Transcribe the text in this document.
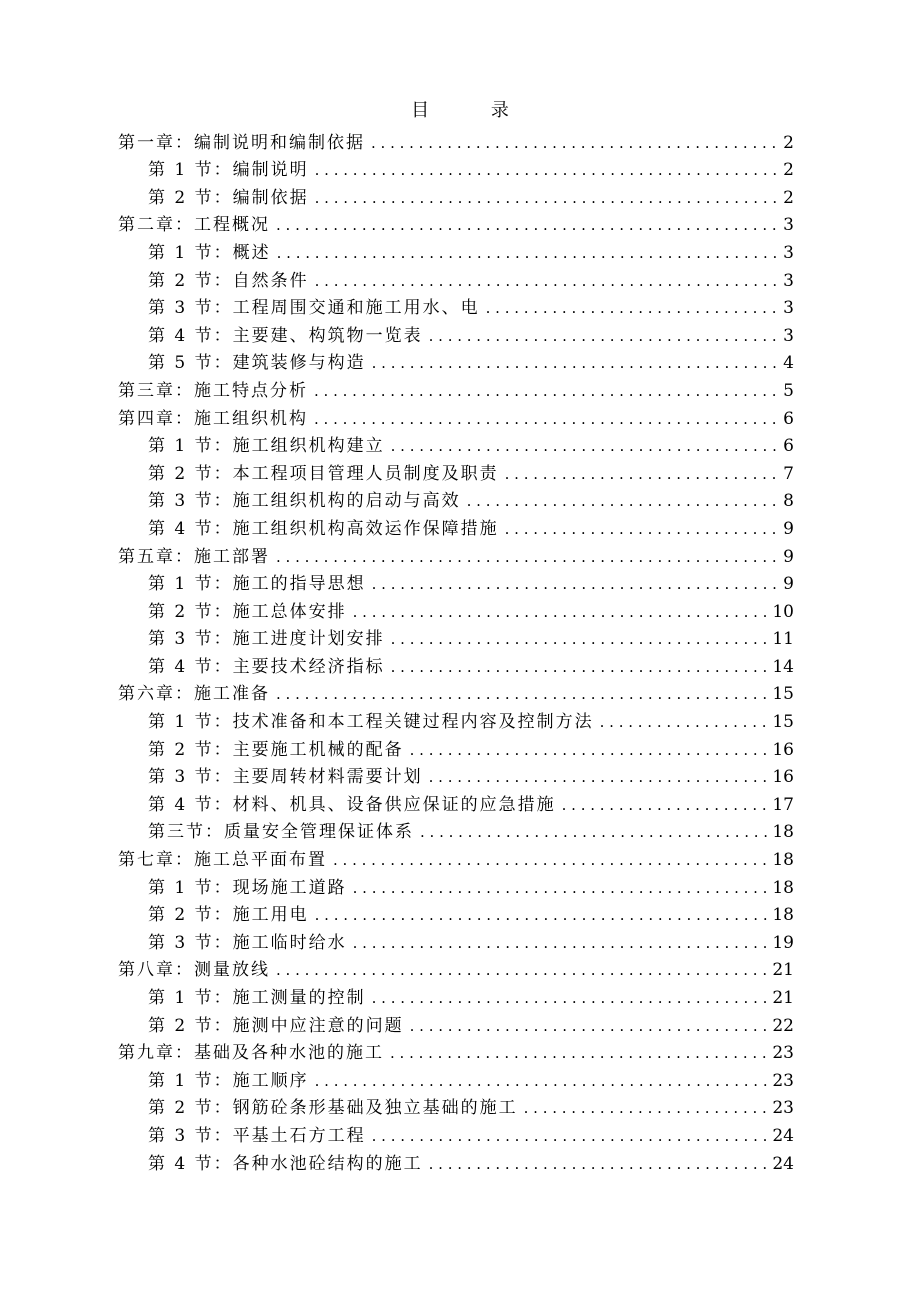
目 录
第一章：编制说明和编制依据 . . .	2
第 1 节：编制说明 . . .	2
第 2 节：编制依据 . . .	2
第二章：工程概况 . . .	3
第 1 节：概述 . . .	3
第 2 节：自然条件 . . .	3
第 3 节：工程周围交通和施工用水、电 . . .	3
第 4 节：主要建、构筑物一览表 . . .	3
第 5 节：建筑装修与构造 . . .	4
第三章：施工特点分析 . . .	5
第四章：施工组织机构 . . .	6
第 1 节：施工组织机构建立 . . .	6
第 2 节：本工程项目管理人员制度及职责 . . .	7
第 3 节：施工组织机构的启动与高效 . . .	8
第 4 节：施工组织机构高效运作保障措施 . . .	9
第五章：施工部署 . . .	9
第 1 节：施工的指导思想 . . .	9
第 2 节：施工总体安排 . . .	10
第 3 节：施工进度计划安排 . . .	11
第 4 节：主要技术经济指标 . . .	14
第六章：施工准备 . . .	15
第 1 节：技术准备和本工程关键过程内容及控制方法 . . .	15
第 2 节：主要施工机械的配备 . . .	16
第 3 节：主要周转材料需要计划 . . .	16
第 4 节：材料、机具、设备供应保证的应急措施 . . .	17
第三节：质量安全管理保证体系 . . .	18
第七章：施工总平面布置 . . .	18
第 1 节：现场施工道路 . . .	18
第 2 节：施工用电 . . .	18
第 3 节：施工临时给水 . . .	19
第八章：测量放线 . . .	21
第 1 节：施工测量的控制 . . .	21
第 2 节：施测中应注意的问题 . . .	22
第九章：基础及各种水池的施工 . . .	23
第 1 节：施工顺序 . . .	23
第 2 节：钢筋砼条形基础及独立基础的施工 . . .	23
第 3 节：平基土石方工程 . . .	24
第 4 节：各种水池砼结构的施工 . . .	24
